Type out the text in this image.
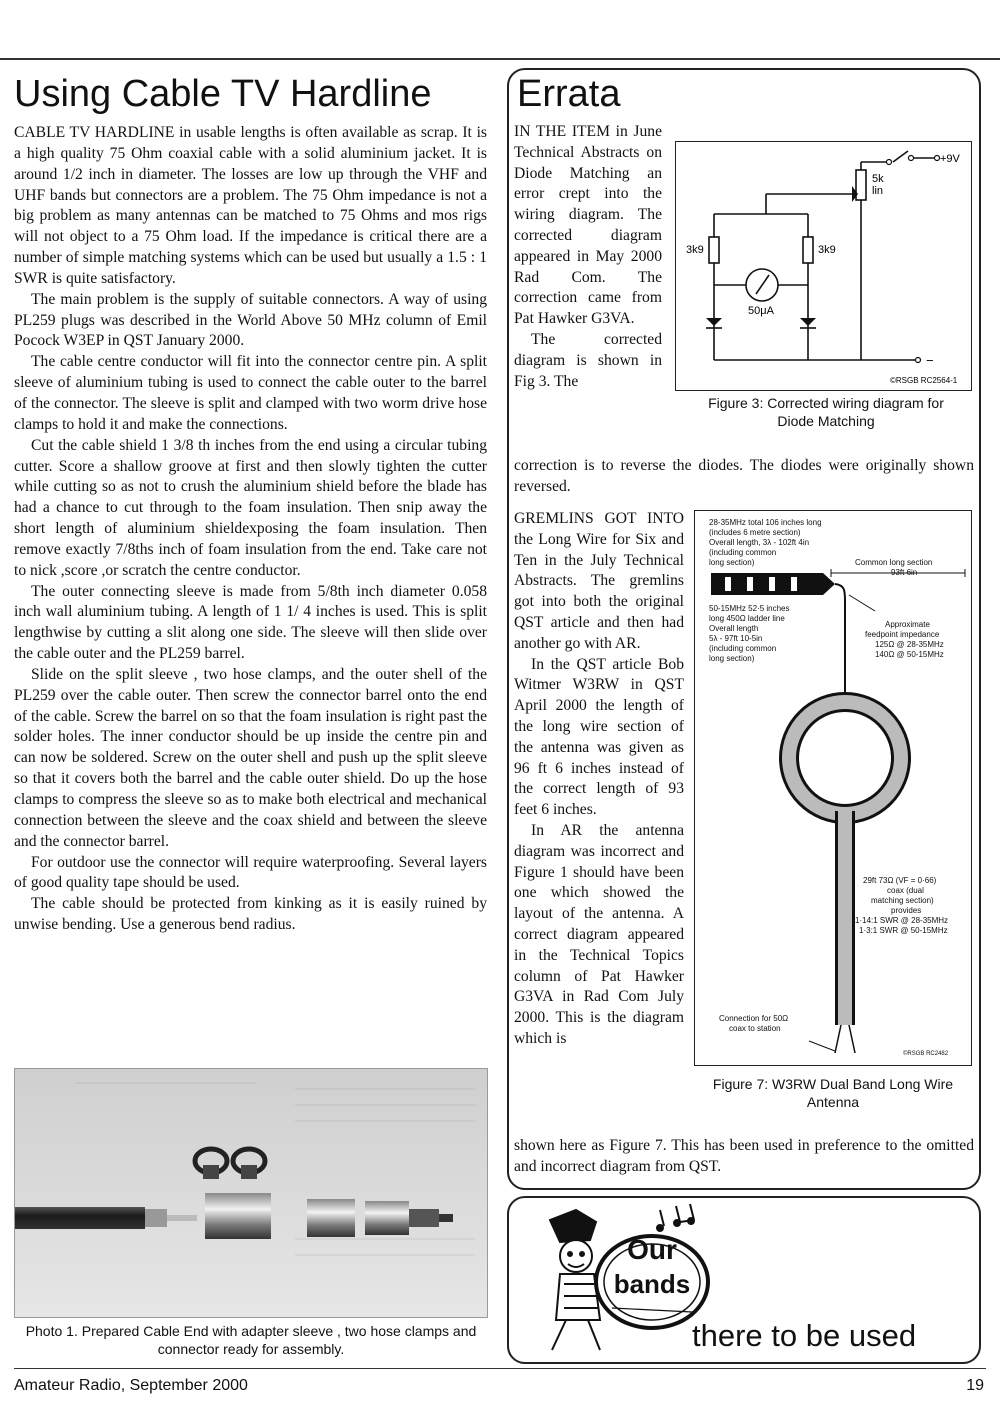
Using Cable TV Hardline

CABLE TV HARDLINE in usable lengths is often available as scrap. It is a high quality 75 Ohm coaxial cable with a solid aluminium jacket. It is around 1/2 inch in diameter. The losses are low up through the VHF and UHF bands but connectors are a problem. The 75 Ohm impedance is not a big problem as many antennas can be matched to 75 Ohms and mos rigs will not object to a 75 Ohm load. If the impedance is critical there are a number of simple matching systems which can be used but usually a 1.5 : 1 SWR is quite satisfactory.

The main problem is the supply of suitable connectors. A way of using PL259 plugs was described in the World Above 50 MHz column of Emil Pocock W3EP in QST January 2000.

The cable centre conductor will fit into the connector centre pin. A split sleeve of aluminium tubing is used to connect the cable outer to the barrel of the connector. The sleeve is split and clamped with two worm drive hose clamps to hold it and make the connections.

Cut the cable shield 1 3/8 th inches from the end using a circular tubing cutter. Score a shallow groove at first and then slowly tighten the cutter while cutting so as not to crush the aluminium shield before the blade has had a chance to cut through to the foam insulation. Then snip away the short length of aluminium shieldexposing the foam insulation. Then remove exactly 7/8ths inch of foam insulation from the end. Take care not to nick ,score ,or scratch the centre conductor.

The outer connecting sleeve is made from 5/8th inch diameter 0.058 inch wall aluminium tubing. A length of 1 1/ 4 inches is used. This is split lengthwise by cutting a slit along one side. The sleeve will then slide over the cable outer and the PL259 barrel.

Slide on the split sleeve , two hose clamps, and the outer shell of the PL259 over the cable outer. Then screw the connector barrel onto the end of the cable. Screw the barrel on so that the foam insulation is right past the solder holes. The inner conductor should be up inside the centre pin and can now be soldered. Screw on the outer shell and push up the split sleeve so that it covers both the barrel and the cable outer shield. Do up the hose clamps to compress the sleeve so as to make both electrical and mechanical connection between the sleeve and the coax shield and between the sleeve and the connector barrel.

For outdoor use the connector will require waterproofing. Several layers of good quality tape should be used.

The cable should be protected from kinking as it is easily ruined by unwise bending. Use a generous bend radius.

Photo 1. Prepared Cable End with adapter sleeve , two hose clamps and connector ready for assembly.
Errata

IN THE ITEM in June Technical Abstracts on Diode Matching an error crept into the wiring diagram. The corrected diagram appeared in May 2000 Rad Com. The correction came from Pat Hawker G3VA.

The corrected diagram is shown in Fig 3. The

correction is to reverse the diodes. The diodes were originally shown reversed.

+9V
5k
lin
3k9	3k9
50μA
−
©RSGB RC2564-1
Figure 3: Corrected wiring diagram for Diode Matching

GREMLINS GOT INTO the Long Wire for Six and Ten in the July Technical Abstracts. The gremlins got into both the original QST article and then had another go with AR.

In the QST article Bob Witmer W3RW in QST April 2000 the length of the long wire section of the antenna was given as 96 ft 6 inches instead of the correct length of 93 feet 6 inches.

In AR the antenna diagram was incorrect and Figure 1 should have been one which showed the layout of the antenna. A correct diagram appeared in the Technical Topics column of Pat Hawker G3VA in Rad Com July 2000. This is the diagram which is

shown here as Figure 7. This has been used in preference to the omitted and incorrect diagram from QST.

28-35MHz total 106 inches long
(includes 6 metre section)
Overall length, 3λ - 102ft 4in
(including common
long section)	Common long section
93ft 6in
50-15MHz 52·5 inches
long 450Ω ladder line
Overall length
5λ - 97ft 10-5in
(including common
long section)
Approximate
feedpoint impedance
125Ω @ 28-35MHz
140Ω @ 50-15MHz
29ft 73Ω (VF = 0·66)
coax (dual
matching section)
provides
1·14:1 SWR @ 28-35MHz
1·3:1 SWR @ 50-15MHz
Connection for 50Ω
coax to station
©RSGB RC2482
Figure 7: W3RW Dual Band Long Wire Antenna
Our
bands
there to be used
Amateur Radio, September 2000	19
